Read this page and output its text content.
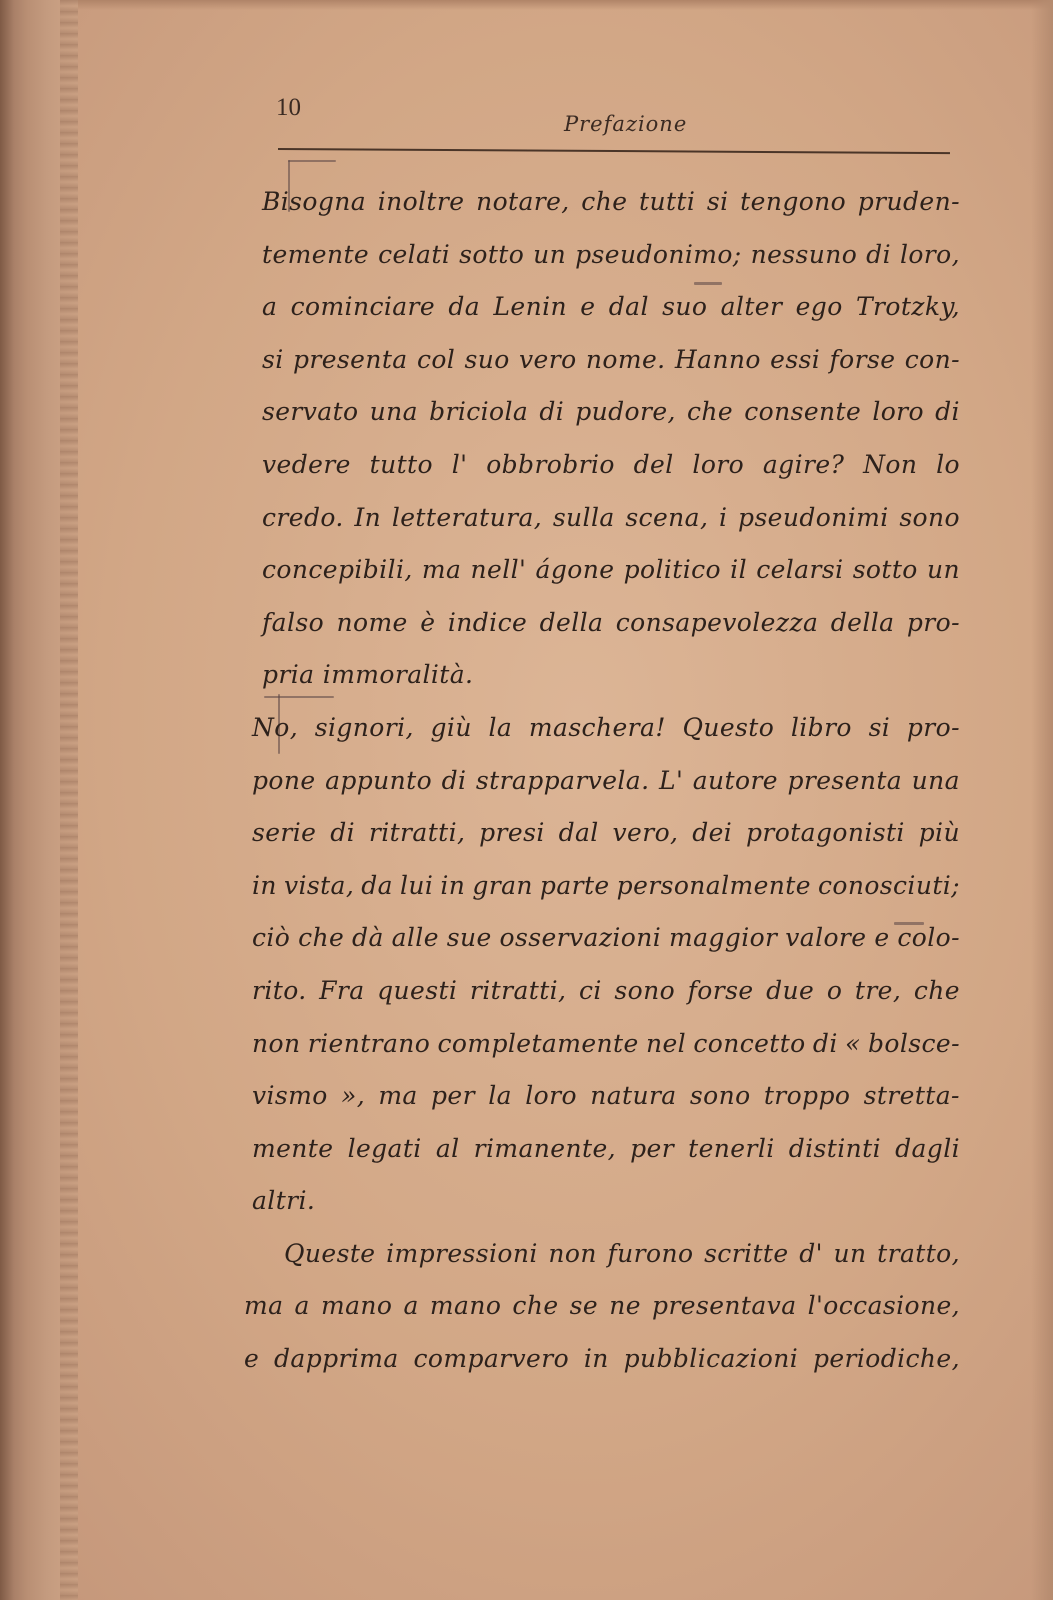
10
Prefazione
Bisogna inoltre notare, che tutti si tengono pruden-
temente celati sotto un pseudonimo; nessuno di loro,
a cominciare da Lenin e dal suo alter ego Trotzky,
si presenta col suo vero nome. Hanno essi forse con-
servato una briciola di pudore, che consente loro di
vedere tutto l' obbrobrio del loro agire? Non lo
credo. In letteratura, sulla scena, i pseudonimi sono
concepibili, ma nell' ágone politico il celarsi sotto un
falso nome è indice della consapevolezza della pro-
pria immoralità.
No, signori, giù la maschera! Questo libro si pro-
pone appunto di strapparvela. L' autore presenta una
serie di ritratti, presi dal vero, dei protagonisti più
in vista, da lui in gran parte personalmente conosciuti;
ciò che dà alle sue osservazioni maggior valore e colo-
rito. Fra questi ritratti, ci sono forse due o tre, che
non rientrano completamente nel concetto di « bolsce-
vismo », ma per la loro natura sono troppo stretta-
mente legati al rimanente, per tenerli distinti dagli
altri.
Queste impressioni non furono scritte d' un tratto,
ma a mano a mano che se ne presentava l'occasione,
e dapprima comparvero in pubblicazioni periodiche,
